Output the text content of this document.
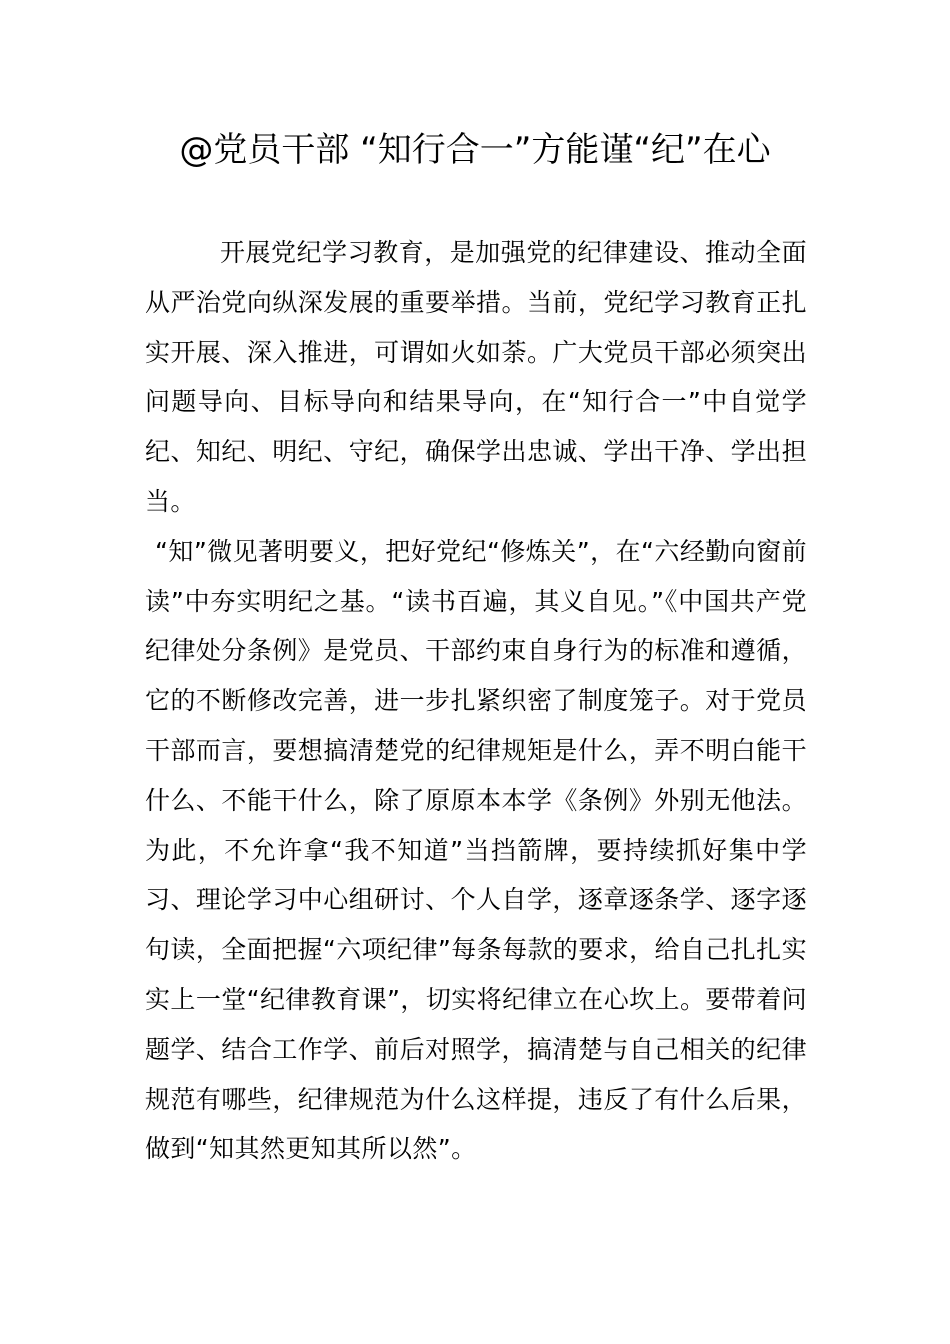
@党员干部 “知行合一”方能谨“纪”在心

开展党纪学习教育，是加强党的纪律建设、推动全面从严治党向纵深发展的重要举措。当前，党纪学习教育正扎实开展、深入推进，可谓如火如荼。广大党员干部必须突出问题导向、目标导向和结果导向，在“知行合一”中自觉学纪、知纪、明纪、守纪，确保学出忠诚、学出干净、学出担当。

“知”微见著明要义，把好党纪“修炼关”，在“六经勤向窗前读”中夯实明纪之基。“读书百遍，其义自见。”《中国共产党纪律处分条例》是党员、干部约束自身行为的标准和遵循，它的不断修改完善，进一步扎紧织密了制度笼子。对于党员干部而言，要想搞清楚党的纪律规矩是什么，弄不明白能干什么、不能干什么，除了原原本本学《条例》外别无他法。为此，不允许拿“我不知道”当挡箭牌，要持续抓好集中学习、理论学习中心组研讨、个人自学，逐章逐条学、逐字逐句读，全面把握“六项纪律”每条每款的要求，给自己扎扎实实上一堂“纪律教育课”，切实将纪律立在心坎上。要带着问题学、结合工作学、前后对照学，搞清楚与自己相关的纪律规范有哪些，纪律规范为什么这样提，违反了有什么后果，做到“知其然更知其所以然”。
